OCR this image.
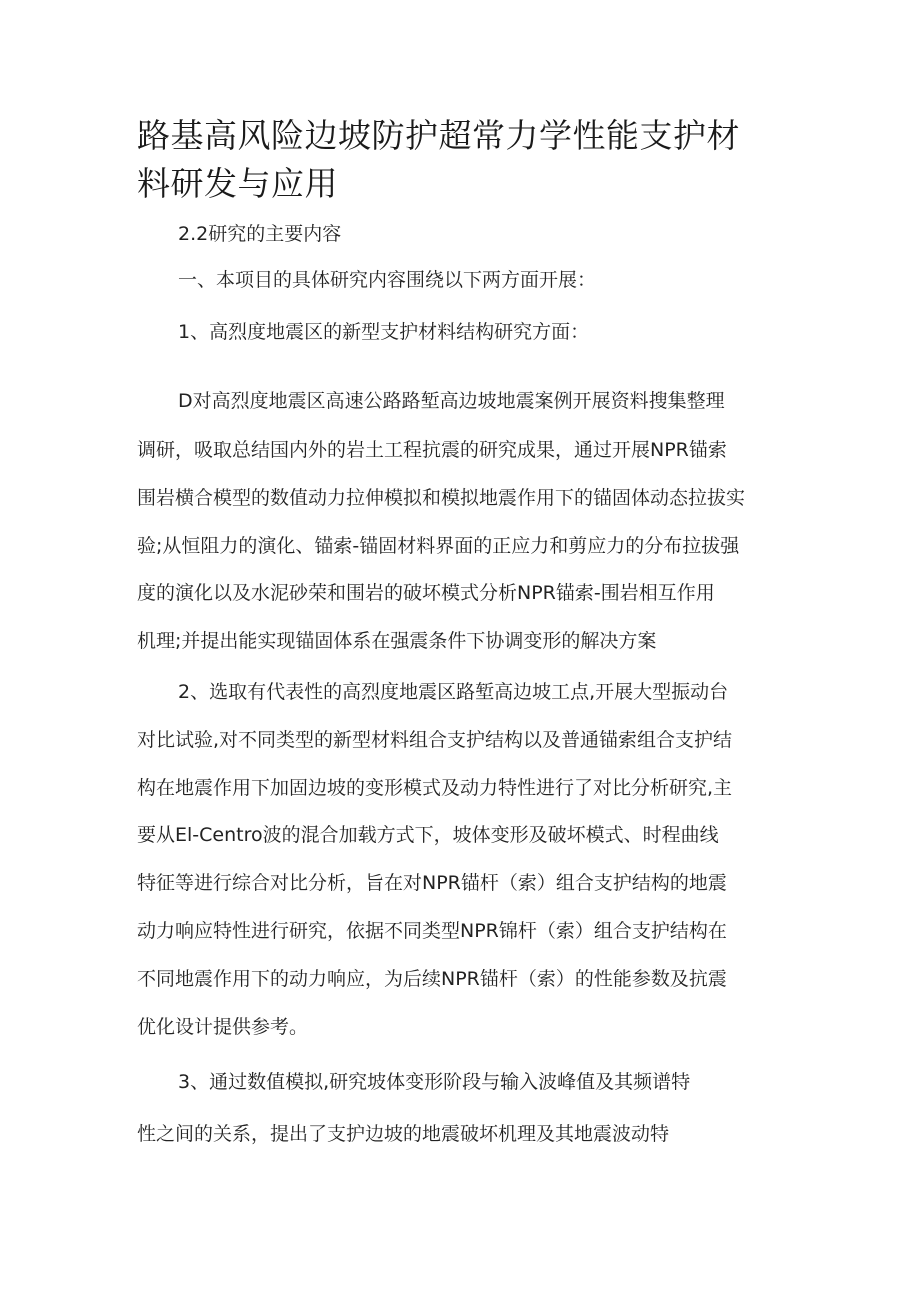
路基高风险边坡防护超常力学性能支护材
料研发与应用

2.2研究的主要内容

一、本项目的具体研究内容围绕以下两方面开展：

1、高烈度地震区的新型支护材料结构研究方面：

D对高烈度地震区高速公路路堑高边坡地震案例开展资料搜集整理

调研，吸取总结国内外的岩土工程抗震的研究成果，通过开展NPR锚索

围岩横合模型的数值动力拉伸模拟和模拟地震作用下的锚固体动态拉拔实

验;从恒阻力的演化、锚索-锚固材料界面的正应力和剪应力的分布拉拔强

度的演化以及水泥砂荣和围岩的破坏模式分析NPR锚索-围岩相互作用

机理;并提出能实现锚固体系在强震条件下协调变形的解决方案

2、选取有代表性的高烈度地震区路堑高边坡工点,开展大型振动台

对比试验,对不同类型的新型材料组合支护结构以及普通锚索组合支护结

构在地震作用下加固边坡的变形模式及动力特性进行了对比分析研究,主

要从El-Centro波的混合加载方式下，坡体变形及破坏模式、时程曲线

特征等进行综合对比分析，旨在对NPR锚杆（索）组合支护结构的地震

动力响应特性进行研究，依据不同类型NPR锦杆（索）组合支护结构在

不同地震作用下的动力响应，为后续NPR锚杆（索）的性能参数及抗震

优化设计提供参考。

3、通过数值模拟,研究坡体变形阶段与输入波峰值及其频谱特

性之间的关系，提出了支护边坡的地震破坏机理及其地震波动特
